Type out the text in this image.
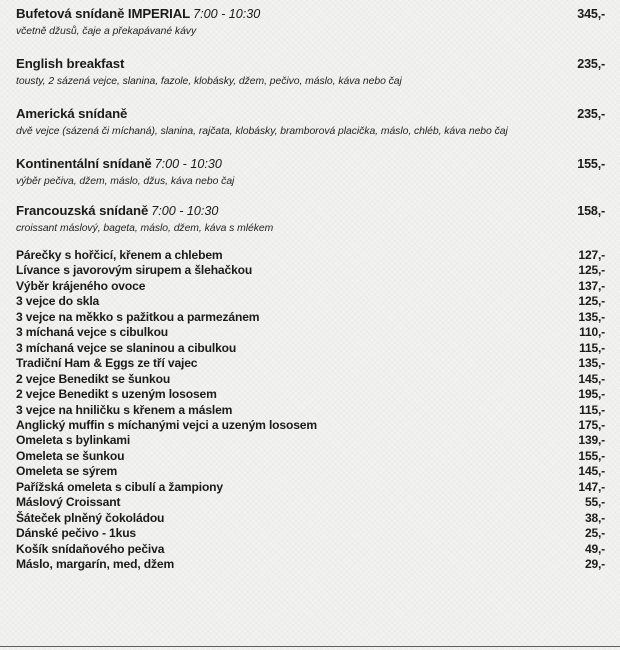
Bufetová snídaně IMPERIAL 7:00 - 10:30	345,-
včetně džusů, čaje a překapávané kávy
English breakfast	235,-
tousty, 2 sázená vejce, slanina, fazole, klobásky, džem, pečivo, máslo, káva nebo čaj
Americká snídaně	235,-
dvě vejce (sázená či míchaná), slanina, rajčata, klobásky, bramborová placička, máslo, chléb, káva nebo čaj
Kontinentální snídaně 7:00 - 10:30	155,-
výběr pečiva, džem, máslo, džus, káva nebo čaj
Francouzská snídaně 7:00 - 10:30	158,-
croissant máslový, bageta, máslo, džem, káva s mlékem
Párečky s hořčicí, křenem a chlebem	127,-
Lívance s javorovým sirupem a šlehačkou	125,-
Výběr krájeného ovoce	137,-
3 vejce do skla	125,-
3 vejce na měkko s pažitkou a parmezánem	135,-
3 míchaná vejce s cibulkou	110,-
3 míchaná vejce se slaninou a cibulkou	115,-
Tradiční Ham & Eggs ze tří vajec	135,-
2 vejce Benedikt se šunkou	145,-
2 vejce Benedikt s uzeným lososem	195,-
3 vejce na hniličku s křenem a máslem	115,-
Anglický muffin s míchanými vejci a uzeným lososem	175,-
Omeleta s bylinkami	139,-
Omeleta se šunkou	155,-
Omeleta se sýrem	145,-
Pařížská omeleta s cibulí a žampiony	147,-
Máslový Croissant	55,-
Šáteček plněný čokoládou	38,-
Dánské pečivo - 1kus	25,-
Košík snídaňového pečiva	49,-
Máslo, margarín, med, džem	29,-
